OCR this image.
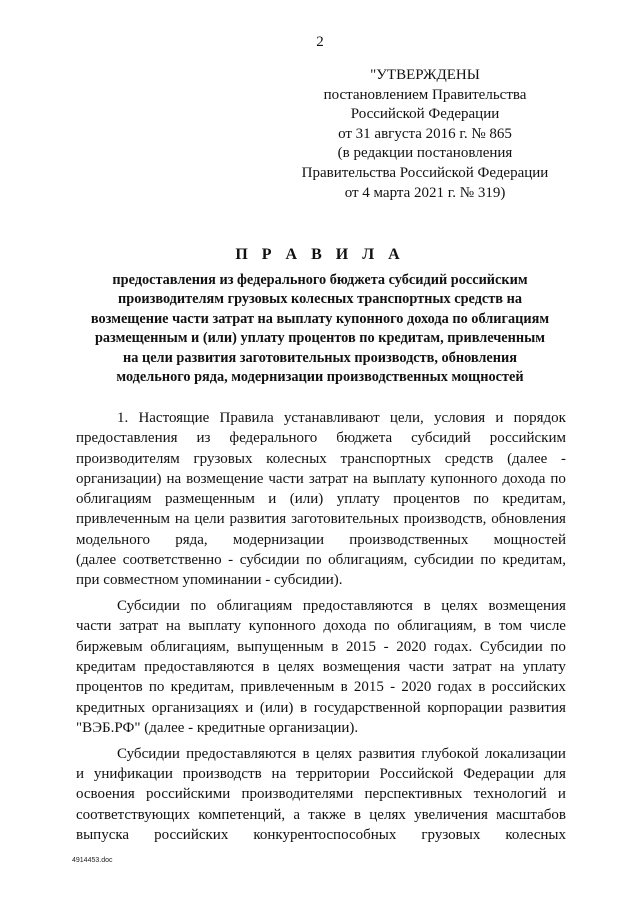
2
"УТВЕРЖДЕНЫ
постановлением Правительства
Российской Федерации
от 31 августа 2016 г. № 865
(в редакции постановления
Правительства Российской Федерации
от 4 марта 2021 г. № 319)
П Р А В И Л А
предоставления из федерального бюджета субсидий российским
производителям грузовых колесных транспортных средств на
возмещение части затрат на выплату купонного дохода по облигациям
размещенным и (или) уплату процентов по кредитам, привлеченным
на цели развития заготовительных производств, обновления
модельного ряда, модернизации производственных мощностей
1. Настоящие Правила устанавливают цели, условия и порядок
предоставления из федерального бюджета субсидий российским
производителям грузовых колесных транспортных средств (далее -
организации) на возмещение части затрат на выплату купонного дохода по
облигациям размещенным и (или) уплату процентов по кредитам,
привлеченным на цели развития заготовительных производств, обновления
модельного ряда, модернизации производственных мощностей
(далее соответственно - субсидии по облигациям, субсидии по кредитам,
при совместном упоминании - субсидии).
Субсидии по облигациям предоставляются в целях возмещения
части затрат на выплату купонного дохода по облигациям, в том числе
биржевым облигациям, выпущенным в 2015 - 2020 годах. Субсидии по
кредитам предоставляются в целях возмещения части затрат на уплату
процентов по кредитам, привлеченным в 2015 - 2020 годах в российских
кредитных организациях и (или) в государственной корпорации развития
"ВЭБ.РФ" (далее - кредитные организации).
Субсидии предоставляются в целях развития глубокой локализации
и унификации производств на территории Российской Федерации для
освоения российскими производителями перспективных технологий и
соответствующих компетенций, а также в целях увеличения масштабов
выпуска российских конкурентоспособных грузовых колесных
4914453.doc
